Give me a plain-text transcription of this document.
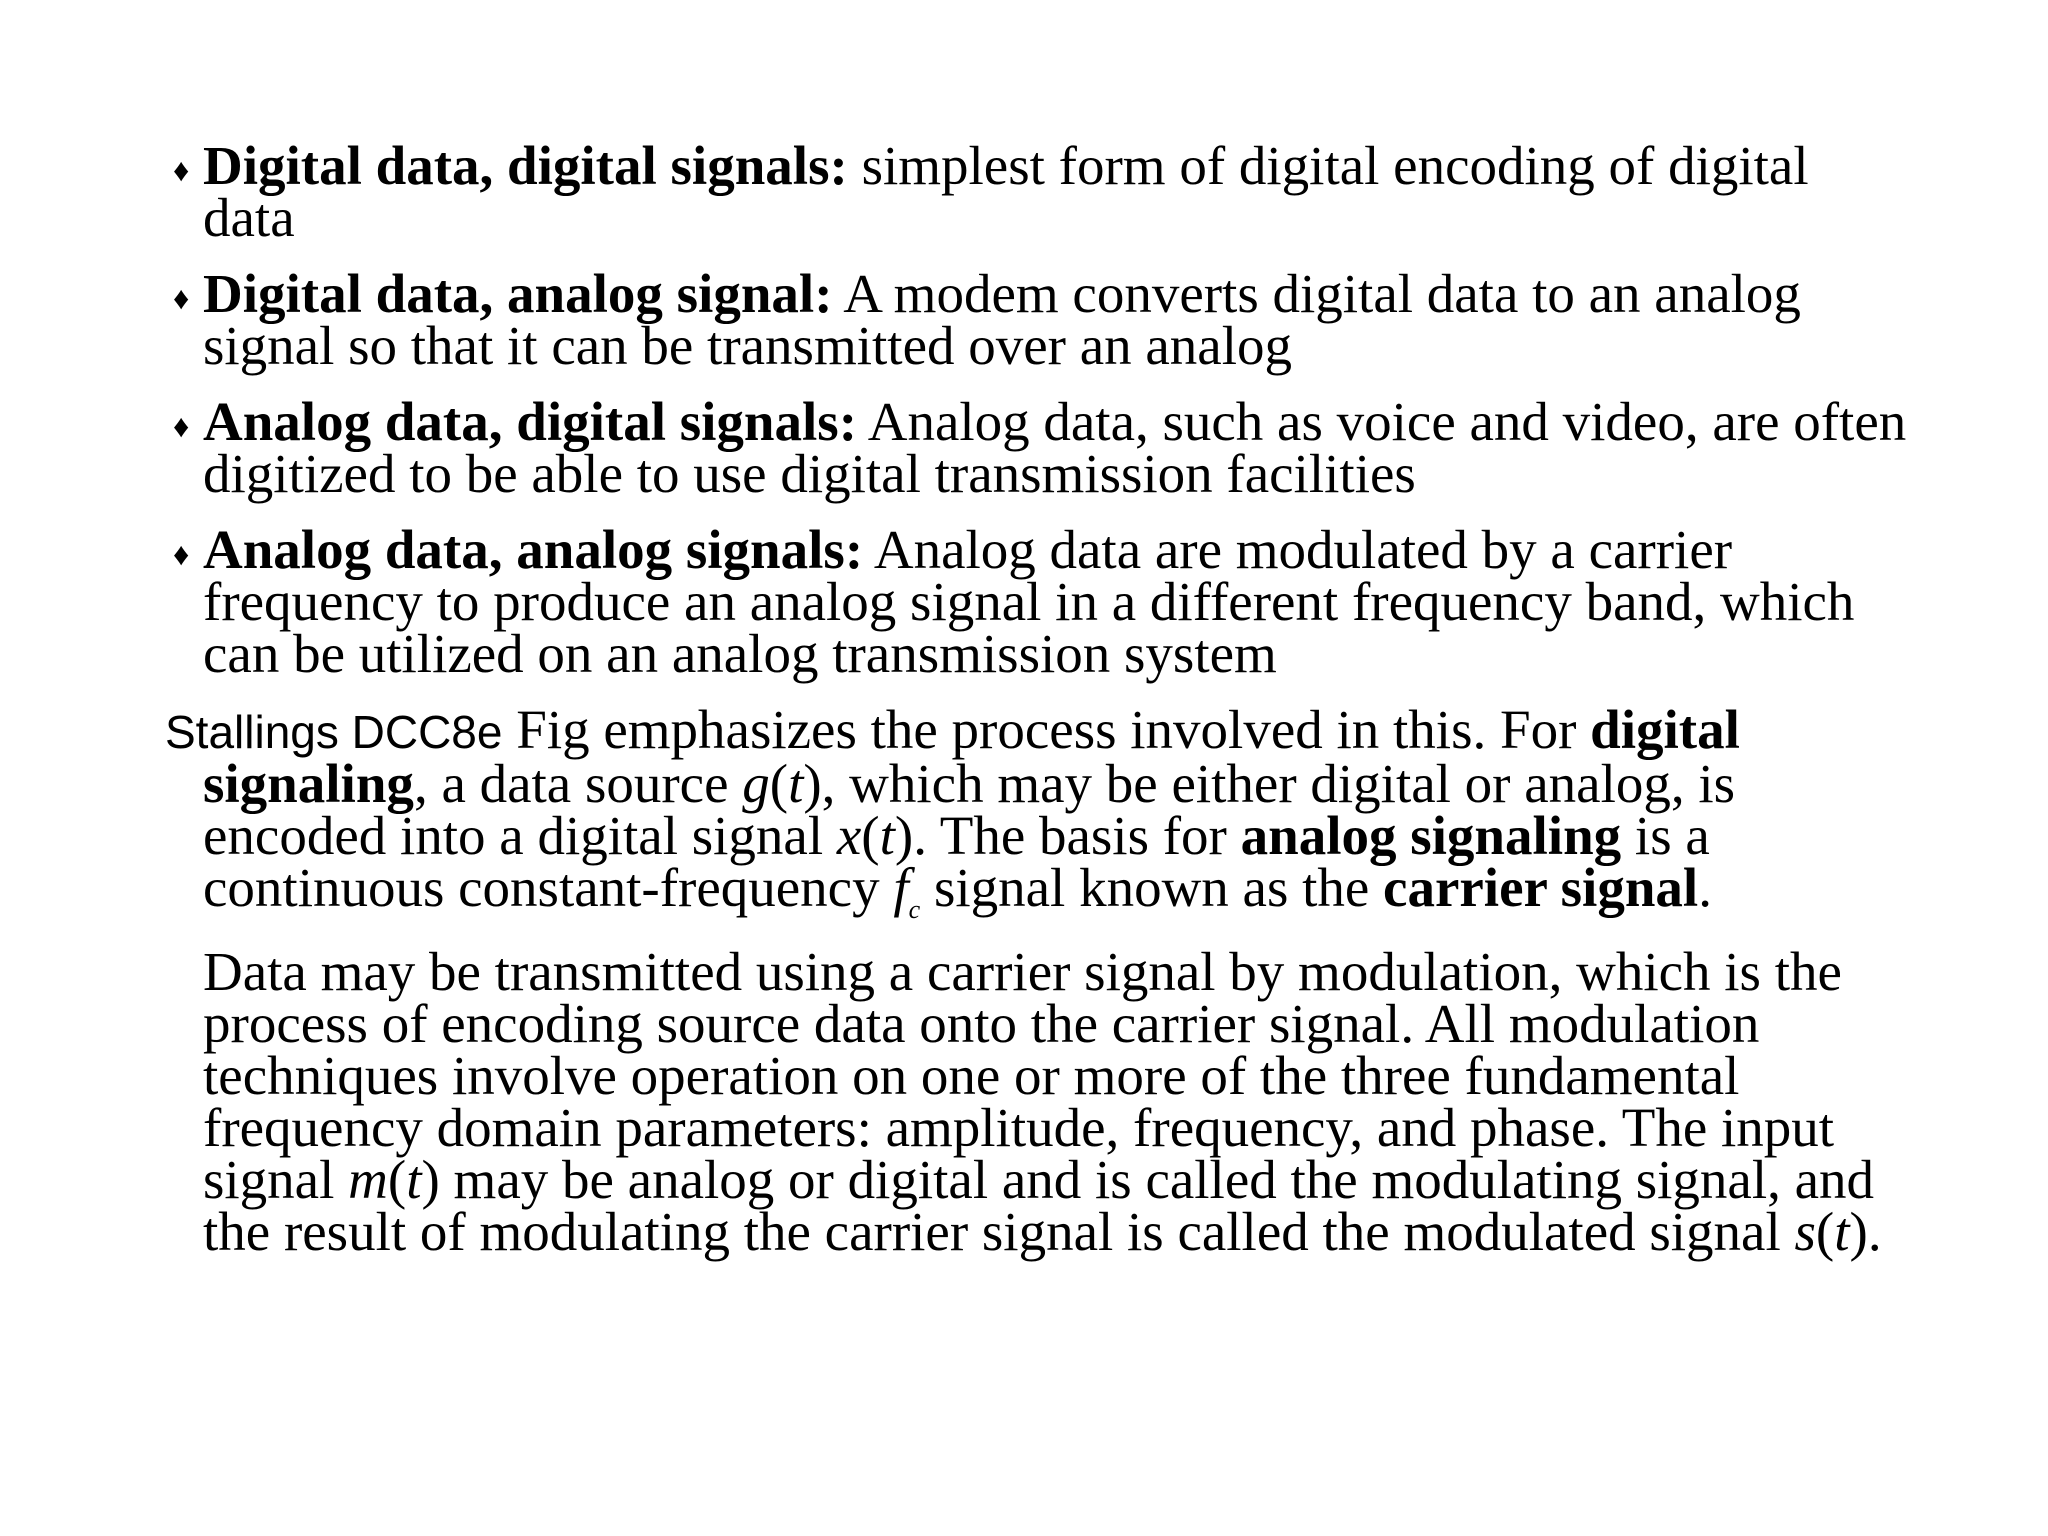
♦ Digital data, digital signals: simplest form of digital encoding of digital data
♦ Digital data, analog signal: A modem converts digital data to an analog signal so that it can be transmitted over an analog
♦ Analog data, digital signals: Analog data, such as voice and video, are often digitized to be able to use digital transmission facilities
♦ Analog data, analog signals: Analog data are modulated by a carrier frequency to produce an analog signal in a different frequency band, which can be utilized on an analog transmission system
Stallings DCC8e Fig emphasizes the process involved in this. For digital signaling, a data source g(t), which may be either digital or analog, is encoded into a digital signal x(t). The basis for analog signaling is a continuous constant-frequency $f_c$ signal known as the carrier signal.
Data may be transmitted using a carrier signal by modulation, which is the process of encoding source data onto the carrier signal. All modulation techniques involve operation on one or more of the three fundamental frequency domain parameters: amplitude, frequency, and phase. The input signal m(t) may be analog or digital and is called the modulating signal, and the result of modulating the carrier signal is called the modulated signal s(t).
